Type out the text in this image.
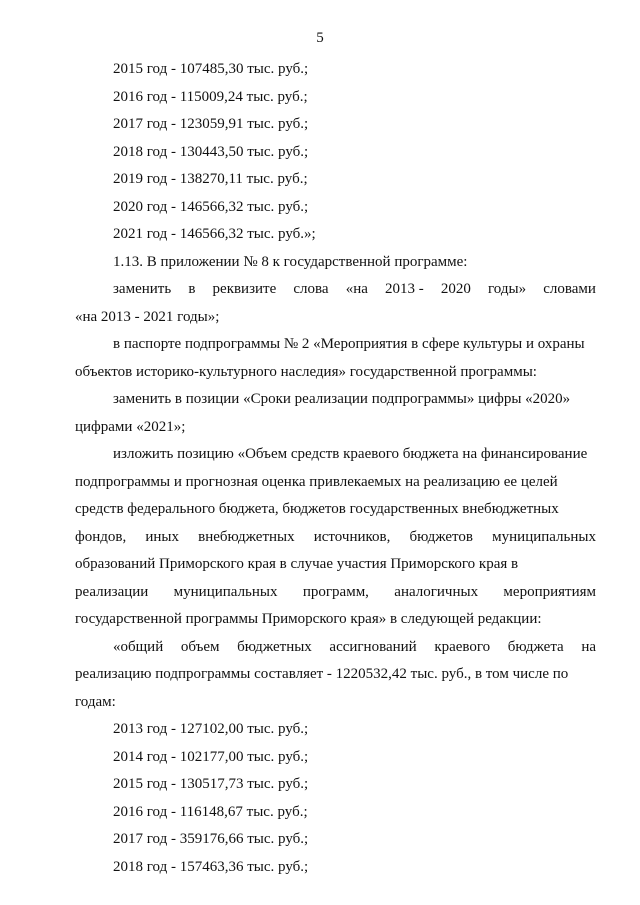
5
2015 год - 107485,30 тыс. руб.;
2016 год - 115009,24 тыс. руб.;
2017 год - 123059,91 тыс. руб.;
2018 год - 130443,50 тыс. руб.;
2019 год - 138270,11 тыс. руб.;
2020 год - 146566,32 тыс. руб.;
2021 год - 146566,32 тыс. руб.»;
1.13. В приложении № 8 к государственной программе:
заменить в реквизите слова «на 2013 - 2020 годы» словами
«на 2013 - 2021 годы»;
в паспорте подпрограммы № 2 «Мероприятия в сфере культуры и охраны
объектов историко-культурного наследия» государственной программы:
заменить в позиции «Сроки реализации подпрограммы» цифры «2020»
цифрами «2021»;
изложить позицию «Объем средств краевого бюджета на финансирование
подпрограммы и прогнозная оценка привлекаемых на реализацию ее целей
средств федерального бюджета, бюджетов государственных внебюджетных
фондов, иных внебюджетных источников, бюджетов муниципальных
образований Приморского края в случае участия Приморского края в
реализации муниципальных программ, аналогичных мероприятиям
государственной программы Приморского края» в следующей редакции:
«общий объем бюджетных ассигнований краевого бюджета на
реализацию подпрограммы составляет - 1220532,42 тыс. руб., в том числе по
годам:
2013 год - 127102,00 тыс. руб.;
2014 год - 102177,00 тыс. руб.;
2015 год - 130517,73 тыс. руб.;
2016 год - 116148,67 тыс. руб.;
2017 год - 359176,66 тыс. руб.;
2018 год - 157463,36 тыс. руб.;
